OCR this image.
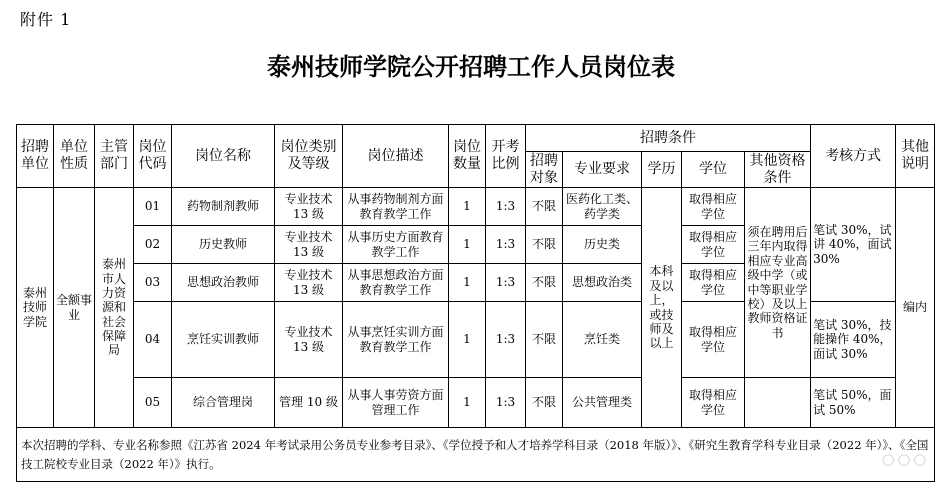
附件 1
泰州技师学院公开招聘工作人员岗位表
招聘单位	单位性质	主管部门	岗位代码	岗位名称	岗位类别及等级	岗位描述	岗位数量	开考比例	招聘条件					考核方式	其他说明
									招聘对象	专业要求	学历	学位	其他资格条件		
泰州技师学院	全额事业	泰州市人力资源和社会保障局	01	药物制剂教师	专业技术 13 级	从事药物制剂方面教育教学工作	1	1:3	不限	医药化工类、药学类	本科及以上，或技师及以上	取得相应学位	须在聘用后三年内取得相应专业高级中学（或中等职业学校）及以上教师资格证书	笔试 30%，试讲 40%，面试 30%	编内
			02	历史教师	专业技术 13 级	从事历史方面教育教学工作	1	1:3	不限	历史类		取得相应学位			
			03	思想政治教师	专业技术 13 级	从事思想政治方面教育教学工作	1	1:3	不限	思想政治类		取得相应学位			
			04	烹饪实训教师	专业技术 13 级	从事烹饪实训方面教育教学工作	1	1:3	不限	烹饪类		取得相应学位		笔试 30%，技能操作 40%，面试 30%	
			05	综合管理岗	管理 10 级	从事人事劳资方面管理工作	1	1:3	不限	公共管理类		取得相应学位		笔试 50%，面试 50%	
本次招聘的学科、专业名称参照《江苏省 2024 年考试录用公务员专业参考目录》、《学位授予和人才培养学科目录（2018 年版）》、《研究生教育学科专业目录（2022 年）》、《全国技工院校专业目录（2022 年）》执行。																◯ ◯ ◯
